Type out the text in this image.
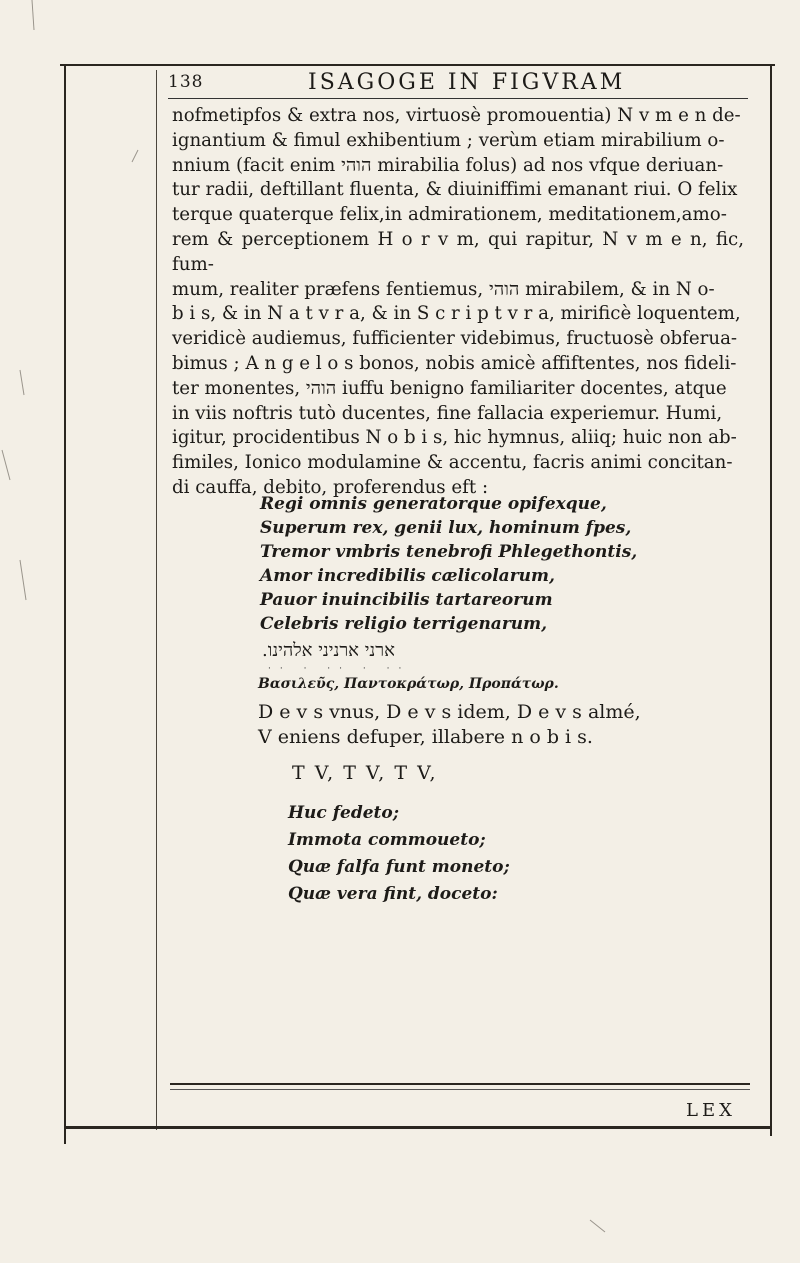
138	ISAGOGE IN FIGVRAM

nofmetipfos & extra nos, virtuosè promouentia) N v m e n de-

ignantium & fimul exhibentium ; verùm etiam mirabilium o-

nnium (facit enim הוהי mirabilia folus) ad nos vfque deriuan-

tur radii, deftillant fluenta, & diuiniffimi emanant riui. O felix

terque quaterque felix,in admirationem, meditationem,amo-

rem & perceptionem H o r v m, qui rapitur, N v m e n, fic, fum-

mum, realiter præfens fentiemus, הוהי mirabilem, & in N o-

b i s, & in N a t v r a, & in S c r i p t v r a, mirificè loquentem,

veridicè audiemus, fufficienter videbimus, fructuosè obferua-

bimus ; A n g e l o s bonos, nobis amicè affiftentes, nos fideli-

ter monentes, הוהי iuffu benigno familiariter docentes, atque

in viis noftris tutò ducentes, fine fallacia experiemur. Humi,

igitur, procidentibus N o b i s, hic hymnus, aliiq; huic non ab-

fimiles, Ionico modulamine & accentu, facris animi concitan-

di cauffa, debito, proferendus eft :

Regi omnis generatorque opifexque,
Superum rex, genii lux, hominum fpes,
Tremor vmbris tenebrofi Phlegethontis,
Amor incredibilis cælicolarum,
Pauor inuincibilis tartareorum
Celebris religio terrigenarum,
ארני ארניני אלהינו.
·· · ·· · ··
Βασιλεῦς, Παντοκράτωρ, Προπάτωρ.
D e v s vnus, D e v s idem, D e v s almé,
V eniens defuper, illabere n o b i s.
T V, T V, T V,
Huc fedeto;
Immota commoueto;
Quæ falfa funt moneto;
Quæ vera fint, doceto:
LEX
